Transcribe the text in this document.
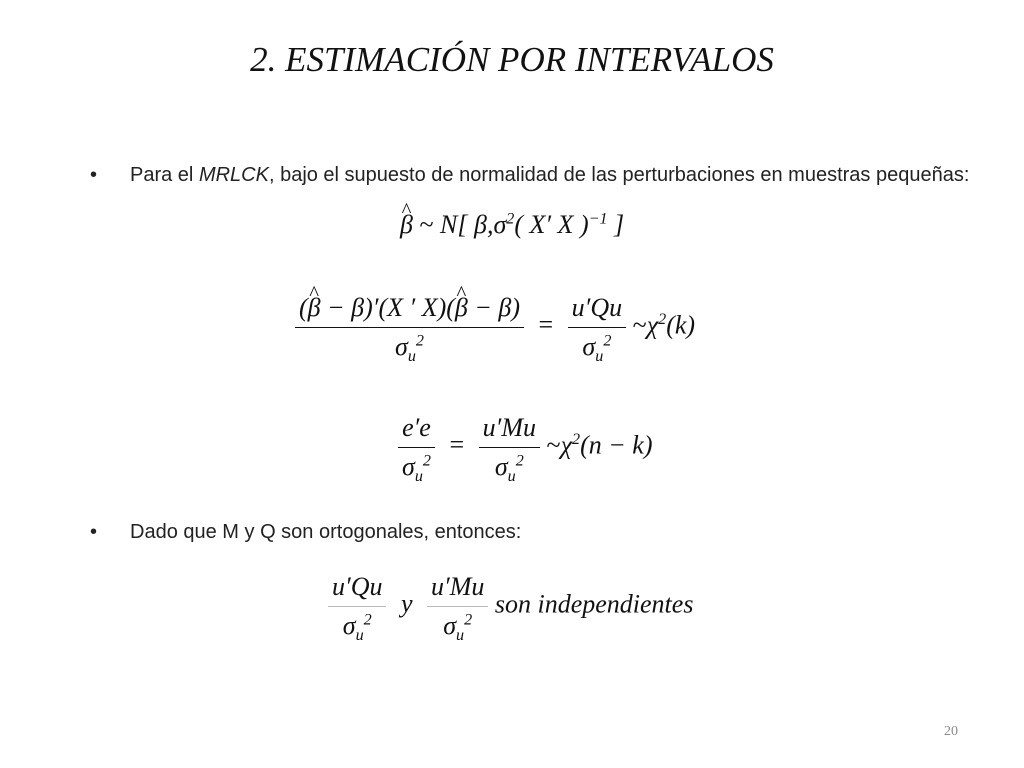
2. ESTIMACIÓN POR INTERVALOS
• Para el MRLCK, bajo el supuesto de normalidad de las perturbaciones en muestras pequeñas:
^ β ~ N[ $\beta,\sigma^2$( X′ X )$^{-1}$ ]
$\frac{(\^{} \beta - \beta)'(X ' X)(\^{} \beta - \beta)}{\sigma_u^2} = \frac{u'Qu}{\sigma_u^2}$ $\sim\chi^2(k)$
$\frac{e'e}{\sigma_u^2} = \frac{u'Mu}{\sigma_u^2}$ $\sim\chi^2(n - k)$
• Dado que M y Q son ortogonales, entonces:
$\frac{u'Qu}{\sigma_u^2}$ y $\frac{u'Mu}{\sigma_u^2}$ son independientes
20
